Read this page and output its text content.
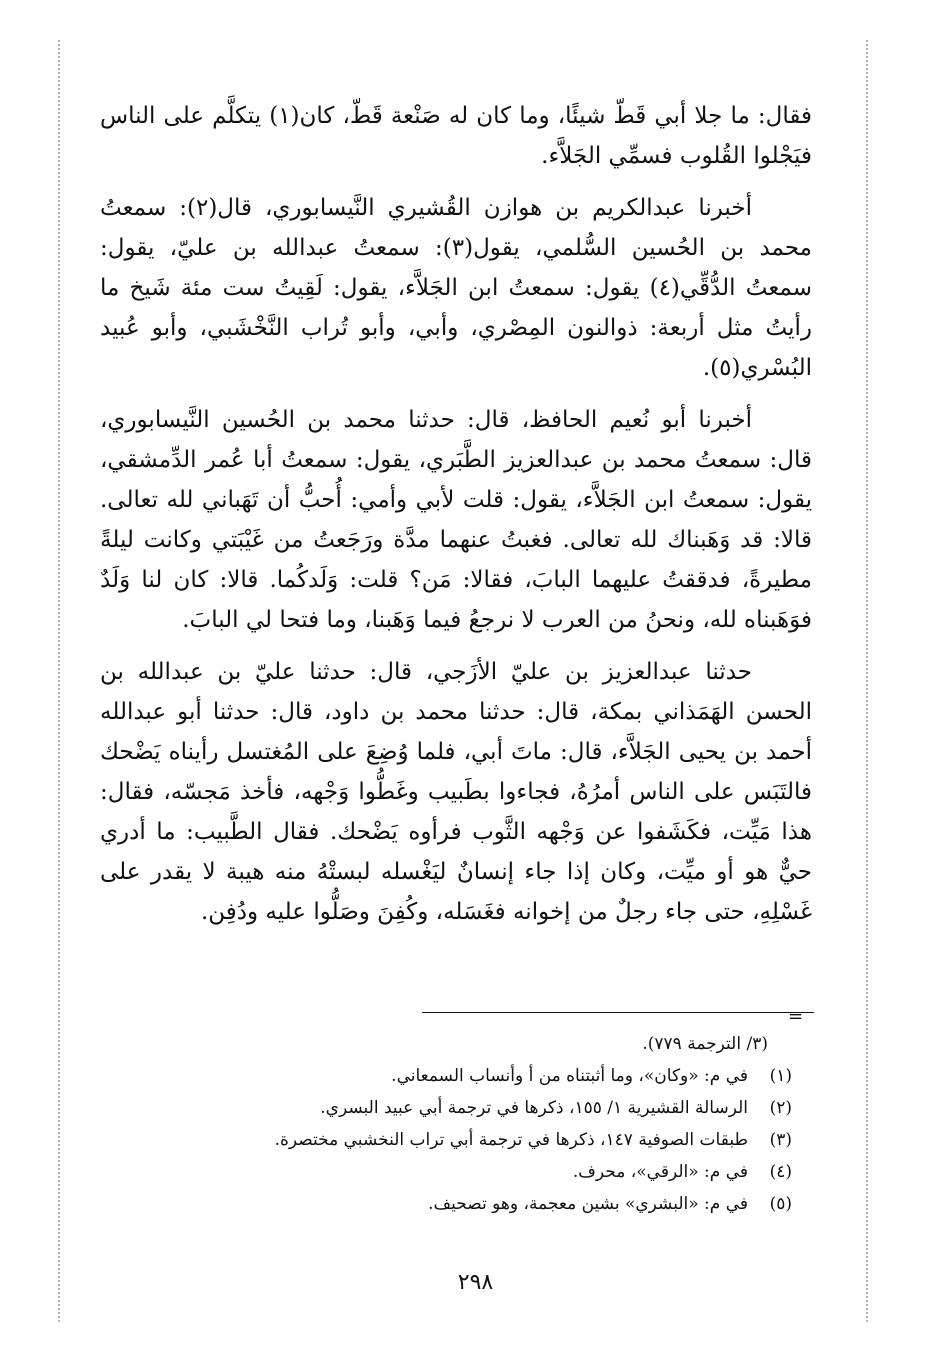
فقال: ما جلا أبي قَطّ شيئًا، وما كان له صَنْعة قَطّ، كان(١) يتكلَّم على الناس فيَجْلوا القُلوب فسمِّي الجَلاَّء.

أخبرنا عبدالكريم بن هوازن القُشيري النَّيسابوري، قال(٢): سمعتُ محمد بن الحُسين السُّلمي، يقول(٣): سمعتُ عبدالله بن عليّ، يقول: سمعتُ الدُّقِّي(٤) يقول: سمعتُ ابن الجَلاَّء، يقول: لَقِيتُ ست مئة شَيخ ما رأيتُ مثل أربعة: ذوالنون المِصْري، وأبي، وأبو تُراب النَّخْشَبي، وأبو عُبيد البُسْري(٥).

أخبرنا أبو نُعيم الحافظ، قال: حدثنا محمد بن الحُسين النَّيسابوري، قال: سمعتُ محمد بن عبدالعزيز الطَّبَري، يقول: سمعتُ أبا عُمر الدِّمشقي، يقول: سمعتُ ابن الجَلاَّء، يقول: قلت لأبي وأمي: أُحبُّ أن تَهَباني لله تعالى. قالا: قد وَهَبناك لله تعالى. فغبتُ عنهما مدَّة ورَجَعتُ من غَيْبَتي وكانت ليلةً مطيرةً، فدققتُ عليهما البابَ، فقالا: مَن؟ قلت: وَلَدكُما. قالا: كان لنا وَلَدٌ فوَهَبناه لله، ونحنُ من العرب لا نرجعُ فيما وَهَبنا، وما فتحا لي البابَ.

حدثنا عبدالعزيز بن عليّ الأزَجي، قال: حدثنا عليّ بن عبدالله بن الحسن الهَمَذاني بمكة، قال: حدثنا محمد بن داود، قال: حدثنا أبو عبدالله أحمد بن يحيى الجَلاَّء، قال: ماتَ أبي، فلما وُضِعَ على المُغتسل رأيناه يَضْحك فالتَبَس على الناس أمرُهُ، فجاءوا بطَبيب وغَطُّوا وَجْهه، فأخذ مَجسّه، فقال: هذا مَيِّت، فكَشَفوا عن وَجْهه الثَّوب فرأوه يَضْحك. فقال الطَّبيب: ما أدري حيٌّ هو أو ميِّت، وكان إذا جاء إنسانٌ ليَغْسله لبستْهُ منه هيبة لا يقدر على غَسْلِهِ، حتى جاء رجلٌ من إخوانه فغَسَله، وكُفِنَ وصَلُّوا عليه ودُفِن.

=
(٣/ الترجمة ٧٧٩).
(١)
في م: «وكان»، وما أثبتناه من أ وأنساب السمعاني.
(٢)
الرسالة القشيرية ١/ ١٥٥، ذكرها في ترجمة أبي عبيد البسري.
(٣)
طبقات الصوفية ١٤٧، ذكرها في ترجمة أبي تراب النخشبي مختصرة.
(٤)
في م: «الرقي»، محرف.
(٥)
في م: «البشري» بشين معجمة، وهو تصحيف.
٢٩٨
